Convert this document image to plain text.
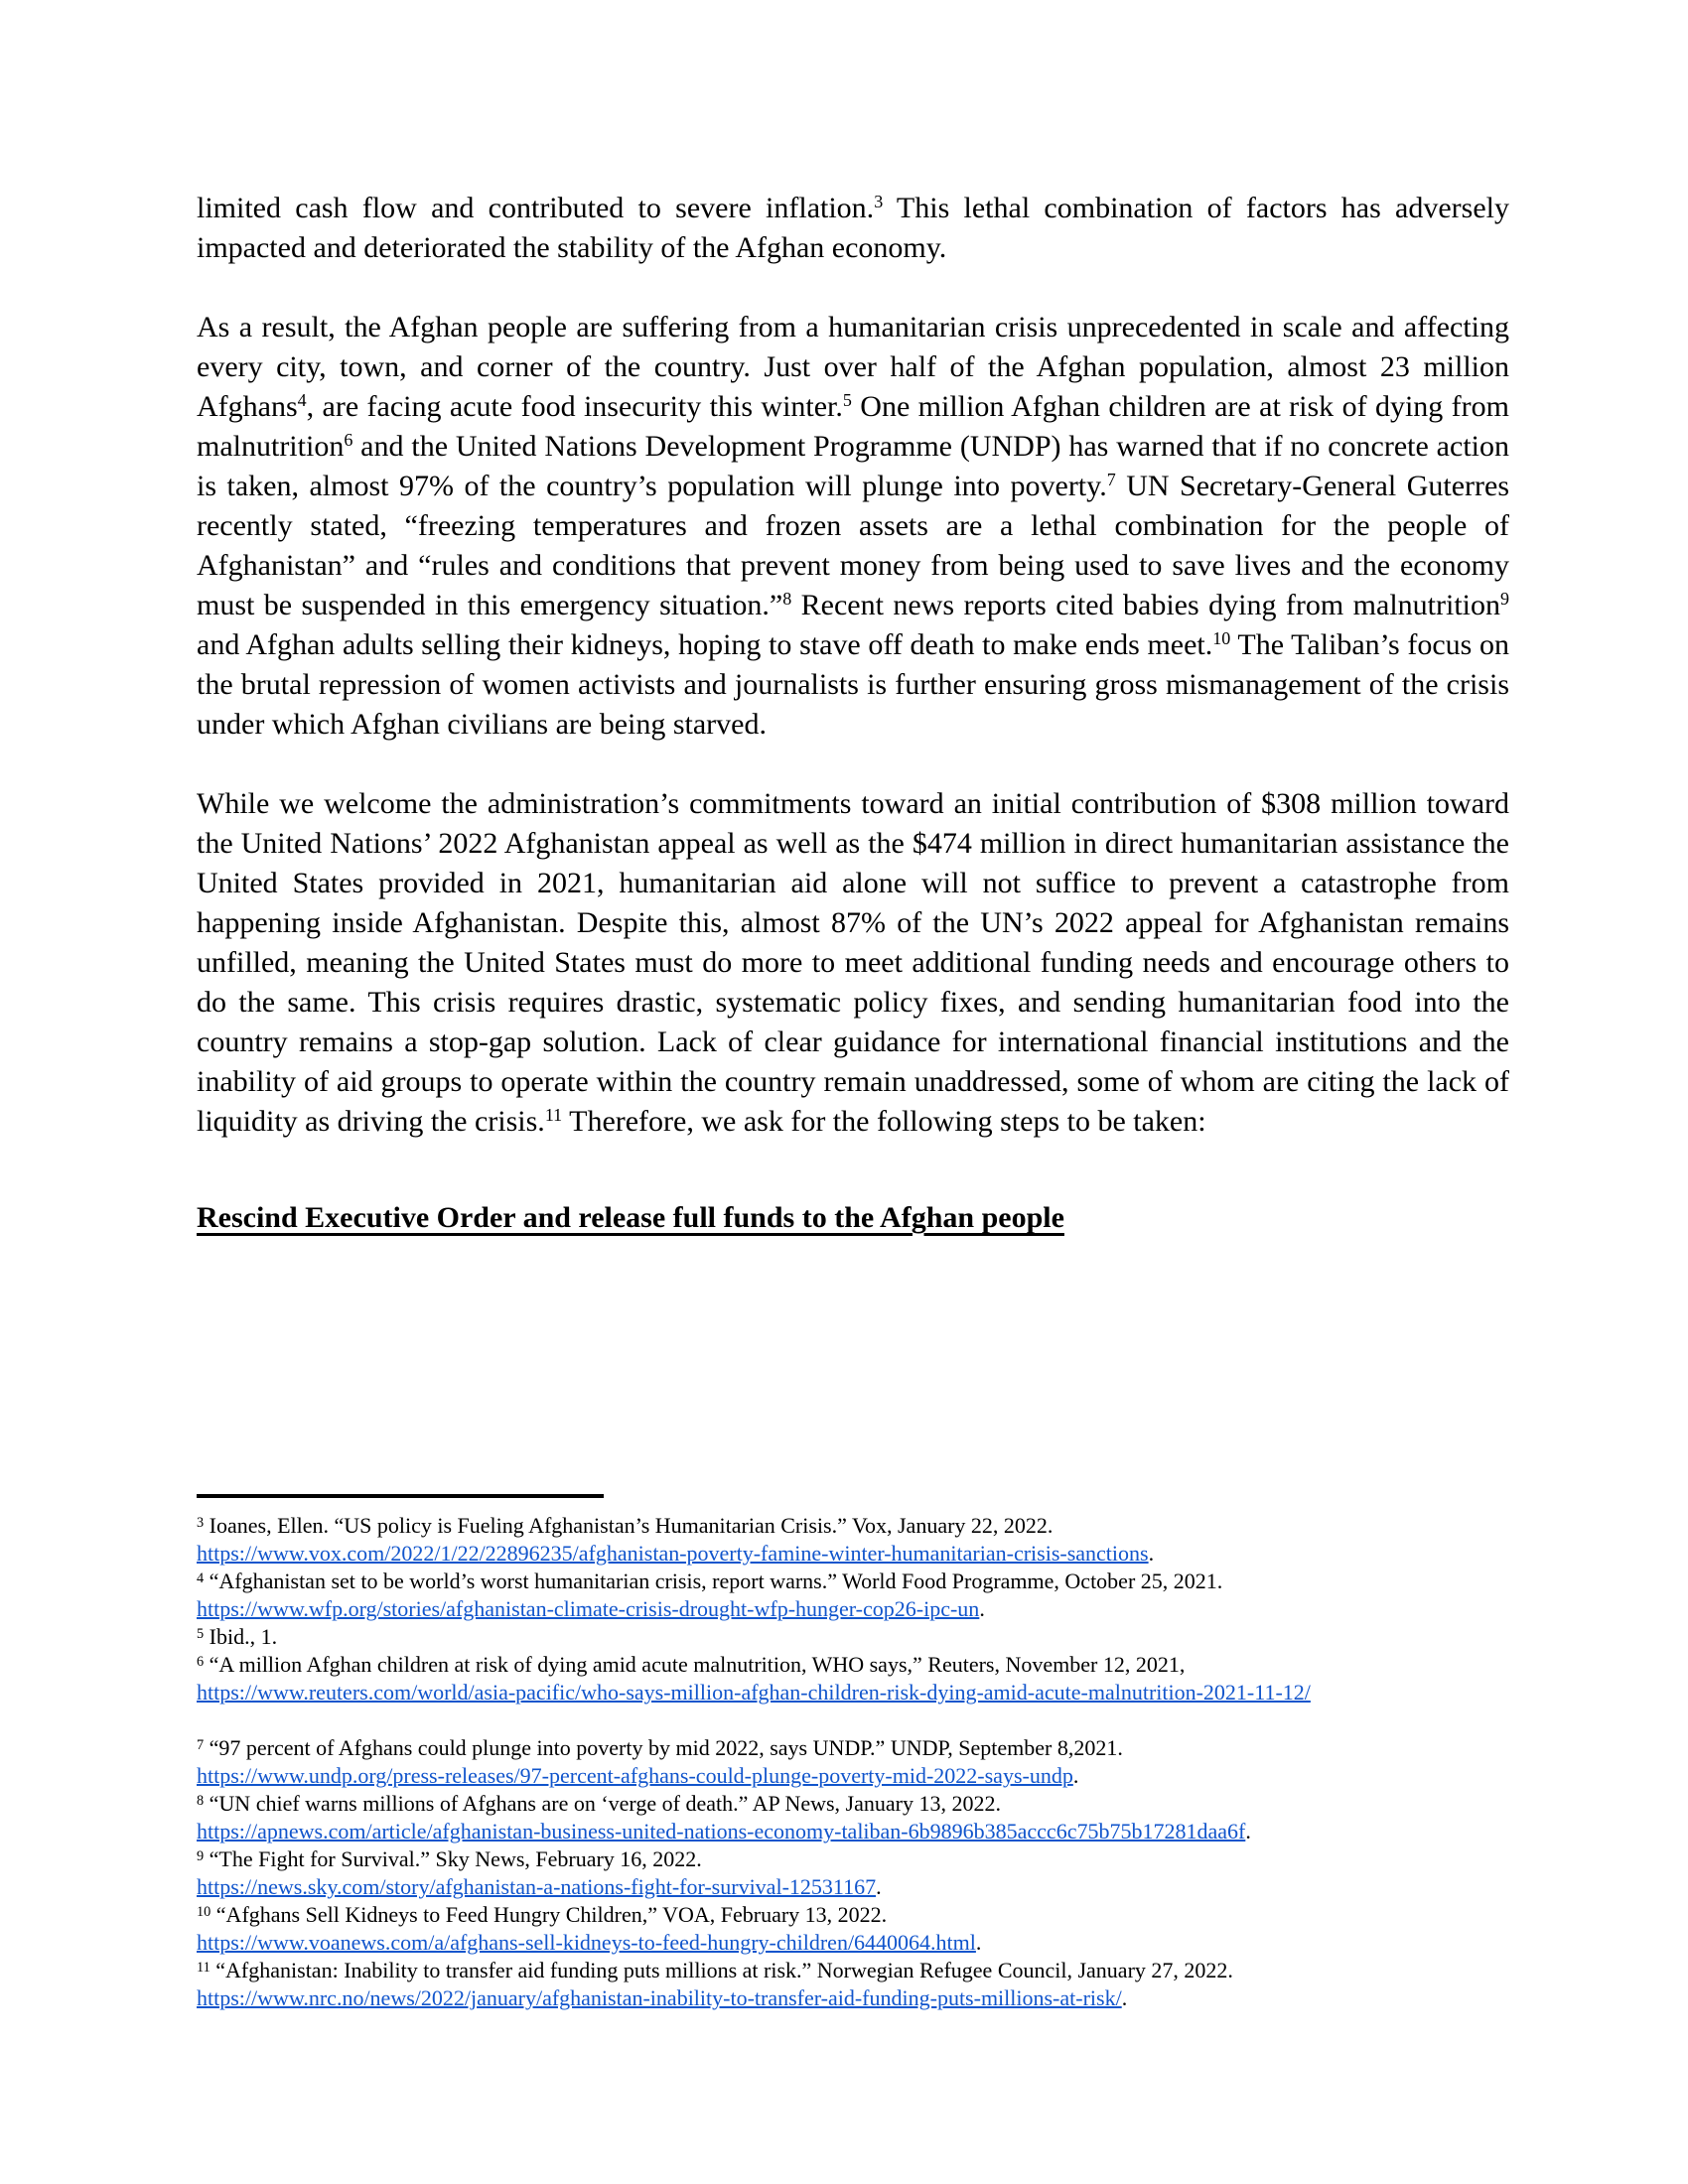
limited cash flow and contributed to severe inflation.$^3$ This lethal combination of factors has adversely impacted and deteriorated the stability of the Afghan economy.

As a result, the Afghan people are suffering from a humanitarian crisis unprecedented in scale and affecting every city, town, and corner of the country. Just over half of the Afghan population, almost 23 million Afghans$^4$, are facing acute food insecurity this winter.$^5$ One million Afghan children are at risk of dying from malnutrition$^6$ and the United Nations Development Programme (UNDP) has warned that if no concrete action is taken, almost 97% of the country’s population will plunge into poverty.$^7$ UN Secretary-General Guterres recently stated, “freezing temperatures and frozen assets are a lethal combination for the people of Afghanistan” and “rules and conditions that prevent money from being used to save lives and the economy must be suspended in this emergency situation.”$^8$ Recent news reports cited babies dying from malnutrition$^9$ and Afghan adults selling their kidneys, hoping to stave off death to make ends meet.$^{10}$ The Taliban’s focus on the brutal repression of women activists and journalists is further ensuring gross mismanagement of the crisis under which Afghan civilians are being starved.

While we welcome the administration’s commitments toward an initial contribution of $308 million toward the United Nations’ 2022 Afghanistan appeal as well as the $474 million in direct humanitarian assistance the United States provided in 2021, humanitarian aid alone will not suffice to prevent a catastrophe from happening inside Afghanistan. Despite this, almost 87% of the UN’s 2022 appeal for Afghanistan remains unfilled, meaning the United States must do more to meet additional funding needs and encourage others to do the same. This crisis requires drastic, systematic policy fixes, and sending humanitarian food into the country remains a stop-gap solution. Lack of clear guidance for international financial institutions and the inability of aid groups to operate within the country remain unaddressed, some of whom are citing the lack of liquidity as driving the crisis.$^{11}$ Therefore, we ask for the following steps to be taken:

Rescind Executive Order and release full funds to the Afghan people
$^3$ Ioanes, Ellen. “US policy is Fueling Afghanistan’s Humanitarian Crisis.” Vox, January 22, 2022.
https://www.vox.com/2022/1/22/22896235/afghanistan-poverty-famine-winter-humanitarian-crisis-sanctions.
$^4$ “Afghanistan set to be world’s worst humanitarian crisis, report warns.” World Food Programme, October 25, 2021.
https://www.wfp.org/stories/afghanistan-climate-crisis-drought-wfp-hunger-cop26-ipc-un.
$^5$ Ibid., 1.
$^6$ “A million Afghan children at risk of dying amid acute malnutrition, WHO says,” Reuters, November 12, 2021,
https://www.reuters.com/world/asia-pacific/who-says-million-afghan-children-risk-dying-amid-acute-malnutrition-2021-11-12/
$^7$ “97 percent of Afghans could plunge into poverty by mid 2022, says UNDP.” UNDP, September 8,2021.
https://www.undp.org/press-releases/97-percent-afghans-could-plunge-poverty-mid-2022-says-undp.
$^8$ “UN chief warns millions of Afghans are on ‘verge of death.” AP News, January 13, 2022.
https://apnews.com/article/afghanistan-business-united-nations-economy-taliban-6b9896b385accc6c75b75b17281daa6f.
$^9$ “The Fight for Survival.” Sky News, February 16, 2022.
https://news.sky.com/story/afghanistan-a-nations-fight-for-survival-12531167.
$^{10}$ “Afghans Sell Kidneys to Feed Hungry Children,” VOA, February 13, 2022.
https://www.voanews.com/a/afghans-sell-kidneys-to-feed-hungry-children/6440064.html.
$^{11}$ “Afghanistan: Inability to transfer aid funding puts millions at risk.” Norwegian Refugee Council, January 27, 2022.
https://www.nrc.no/news/2022/january/afghanistan-inability-to-transfer-aid-funding-puts-millions-at-risk/.
